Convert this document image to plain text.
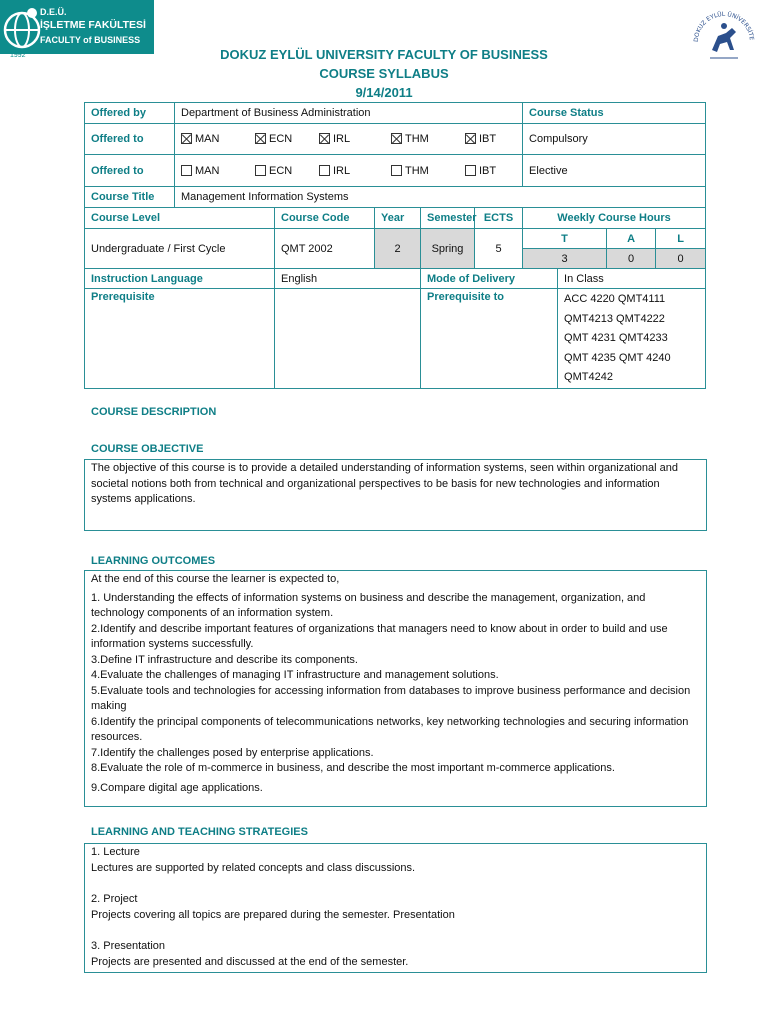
D.E.Ü.
İŞLETME FAKÜLTESİ
FACULTY of BUSINESS
1992
DOKUZ EYLÜL ÜNİVERSİTE
DOKUZ EYLÜL UNIVERSITY FACULTY OF BUSINESS
COURSE SYLLABUS
9/14/2011
Offered by	Department of Business Administration					Course Status			
Offered to	MAN ECN IRL THM IBT					Compulsory			
Offered to	MAN ECN IRL THM IBT					Elective			
Course Title	Management Information Systems								
Course Level		Course Code	Year	Semester	ECTS	Weekly Course Hours			
Undergraduate / First Cycle		QMT 2002	2	Spring	5	T		A	L
						3		0	0
Instruction Language		English		Mode of Delivery			In Class		
Prerequisite				Prerequisite to			ACC 4220 QMT4111
QMT4213 QMT4222
QMT 4231 QMT4233
QMT 4235 QMT 4240
QMT4242		
COURSE DESCRIPTION
COURSE OBJECTIVE

The objective of this course is to provide a detailed understanding of information systems, seen within organizational and societal notions both from technical and organizational perspectives to be basis for new technologies and information systems applications.

LEARNING OUTCOMES

At the end of this course the learner is expected to,

1. Understanding the effects of information systems on business and describe the management, organization, and technology components of an information system.

2.Identify and describe important features of organizations that managers need to know about in order to build and use information systems successfully.

3.Define IT infrastructure and describe its components.

4.Evaluate the challenges of managing IT infrastructure and management solutions.

5.Evaluate tools and technologies for accessing information from databases to improve business performance and decision making

6.Identify the principal components of telecommunications networks, key networking technologies and securing information resources.

7.Identify the challenges posed by enterprise applications.

8.Evaluate the role of m-commerce in business, and describe the most important m-commerce applications.

9.Compare digital age applications.

LEARNING AND TEACHING STRATEGIES

1. Lecture

Lectures are supported by related concepts and class discussions.

2. Project

Projects covering all topics are prepared during the semester. Presentation

3. Presentation

Projects are presented and discussed at the end of the semester.
